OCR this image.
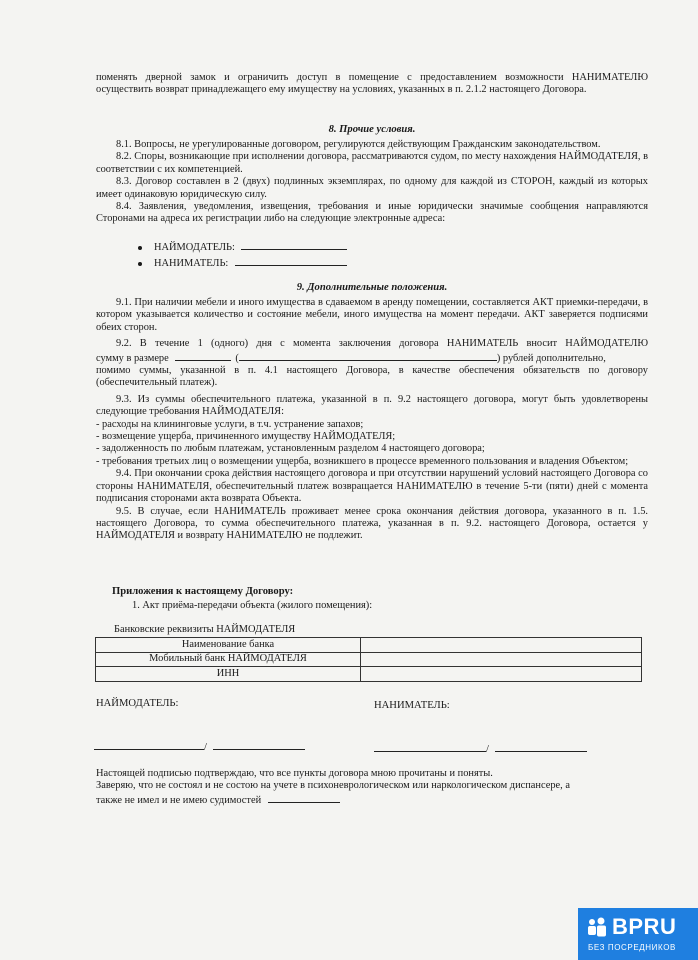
поменять дверной замок и ограничить доступ в помещение с предоставлением возможности НАНИМАТЕЛЮ

осуществить возврат принадлежащего ему имуществу на условиях, указанных в п. 2.1.2 настоящего Договора.

8. Прочие условия.

8.1. Вопросы, не урегулированные договором, регулируются действующим Гражданским законодательством.

8.2. Споры, возникающие при исполнении договора, рассматриваются судом, по месту нахождения НАЙМОДАТЕЛЯ, в соответствии с их компетенцией.

8.3. Договор составлен в 2 (двух) подлинных экземплярах, по одному для каждой из СТОРОН, каждый из которых имеет одинаковую юридическую силу.

8.4. Заявления, уведомления, извещения, требования и иные юридически значимые сообщения направляются Сторонами на адреса их регистрации либо на следующие электронные адреса:

НАЙМОДАТЕЛЬ:
НАНИМАТЕЛЬ:
9. Дополнительные положения.

9.1. При наличии мебели и иного имущества в сдаваемом в аренду помещении, составляется АКТ приемки-передачи, в котором указывается количество и состояние мебели, иного имущества на момент передачи. АКТ заверяется подписями обеих сторон.

9.2. В течение 1 (одного) дня с момента заключения договора НАНИМАТЕЛЬ вносит НАЙМОДАТЕЛЮ

сумму в размере	(	) рублей дополнительно,

помимо суммы, указанной в п. 4.1 настоящего Договора, в качестве обеспечения обязательств по договору (обеспечительный платеж).

9.3. Из суммы обеспечительного платежа, указанной в п. 9.2 настоящего договора, могут быть удовлетворены следующие требования НАЙМОДАТЕЛЯ:

- расходы на клининговые услуги, в т.ч. устранение запахов;

- возмещение ущерба, причиненного имуществу НАЙМОДАТЕЛЯ;

- задолженность по любым платежам, установленным разделом 4 настоящего договора;

- требования третьих лиц о возмещении ущерба, возникшего в процессе временного пользования и владения Объектом;

9.4. При окончании срока действия настоящего договора и при отсутствии нарушений условий настоящего Договора со стороны НАНИМАТЕЛЯ, обеспечительный платеж возвращается НАНИМАТЕЛЮ в течение 5-ти (пяти) дней с момента подписания сторонами акта возврата Объекта.

9.5. В случае, если НАНИМАТЕЛЬ проживает менее срока окончания действия договора, указанного в п. 1.5. настоящего Договора, то сумма обеспечительного платежа, указанная в п. 9.2. настоящего Договора, остается у НАЙМОДАТЕЛЯ и возврату НАНИМАТЕЛЮ не подлежит.

Приложения к настоящему Договору:
1. Акт приёма-передачи объекта (жилого помещения):
Банковские реквизиты НАЙМОДАТЕЛЯ
Наименование банка	
Мобильный банк НАЙМОДАТЕЛЯ	
ИНН	
НАЙМОДАТЕЛЬ:	НАНИМАТЕЛЬ:
/	/
Настоящей подписью подтверждаю, что все пункты договора мною прочитаны и поняты.
Заверяю, что не состоял и не состою на учете в психоневрологическом или наркологическом диспансере, а
также не имел и не имею судимостей
BPRU
БЕЗ ПОСРЕДНИКОВ
